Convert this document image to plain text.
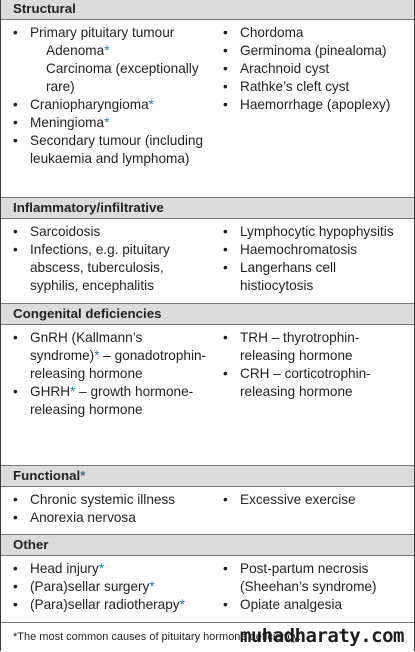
Structural
• Primary pituitary tumour
Adenoma*
Carcinoma (exceptionally rare)
• Craniopharyngioma*
• Meningioma*
• Secondary tumour (including leukaemia and lymphoma)
• Chordoma
• Germinoma (pinealoma)
• Arachnoid cyst
• Rathke’s cleft cyst
• Haemorrhage (apoplexy)
Inflammatory/infiltrative
• Sarcoidosis
• Infections, e.g. pituitary abscess, tuberculosis, syphilis, encephalitis
• Lymphocytic hypophysitis
• Haemochromatosis
• Langerhans cell histiocytosis
Congenital deficiencies
• GnRH (Kallmann’s syndrome)* – gonadotrophin-releasing hormone
• GHRH* – growth hormone-releasing hormone
• TRH – thyrotrophin-releasing hormone
• CRH – corticotrophin-releasing hormone
Functional*
• Chronic systemic illness
• Anorexia nervosa
• Excessive exercise
Other
• Head injury*
• (Para)sellar surgery*
• (Para)sellar radiotherapy*
• Post-partum necrosis (Sheehan’s syndrome)
• Opiate analgesia
*The most common causes of pituitary hormone deficiency.
muhadharaty.com
